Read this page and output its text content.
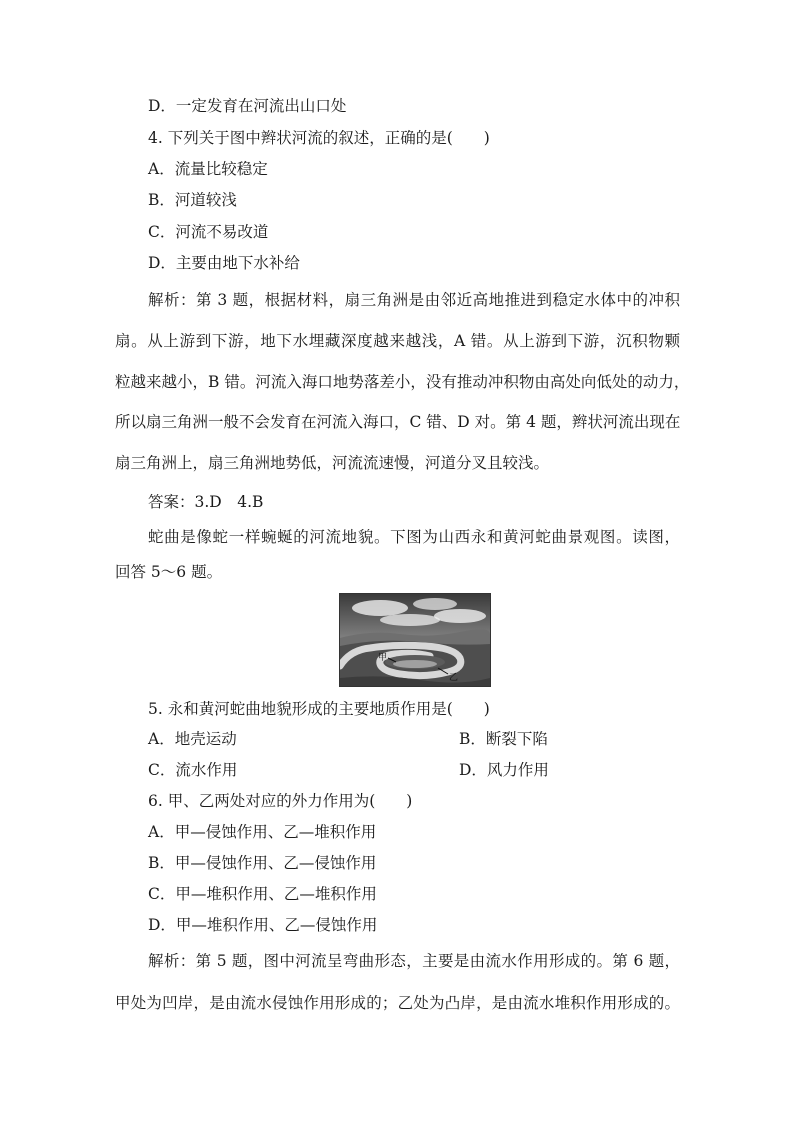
D．一定发育在河流出山口处
4. 下列关于图中辫状河流的叙述，正确的是(　　)
A．流量比较稳定
B．河道较浅
C．河流不易改道
D．主要由地下水补给
解析：第 3 题，根据材料，扇三角洲是由邻近高地推进到稳定水体中的冲积
扇。从上游到下游，地下水埋藏深度越来越浅，A 错。从上游到下游，沉积物颗
粒越来越小，B 错。河流入海口地势落差小，没有推动冲积物由高处向低处的动力，
所以扇三角洲一般不会发育在河流入海口，C 错、D 对。第 4 题，辫状河流出现在
扇三角洲上，扇三角洲地势低，河流流速慢，河道分叉且较浅。
答案：3.D　4.B
蛇曲是像蛇一样蜿蜒的河流地貌。下图为山西永和黄河蛇曲景观图。读图，
回答 5～6 题。
甲
乙
5. 永和黄河蛇曲地貌形成的主要地质作用是(　　)
A．地壳运动	B．断裂下陷
C．流水作用	D．风力作用
6. 甲、乙两处对应的外力作用为(　　)
A．甲—侵蚀作用、乙—堆积作用
B．甲—侵蚀作用、乙—侵蚀作用
C．甲—堆积作用、乙—堆积作用
D．甲—堆积作用、乙—侵蚀作用
解析：第 5 题，图中河流呈弯曲形态，主要是由流水作用形成的。第 6 题，
甲处为凹岸，是由流水侵蚀作用形成的；乙处为凸岸，是由流水堆积作用形成的。
